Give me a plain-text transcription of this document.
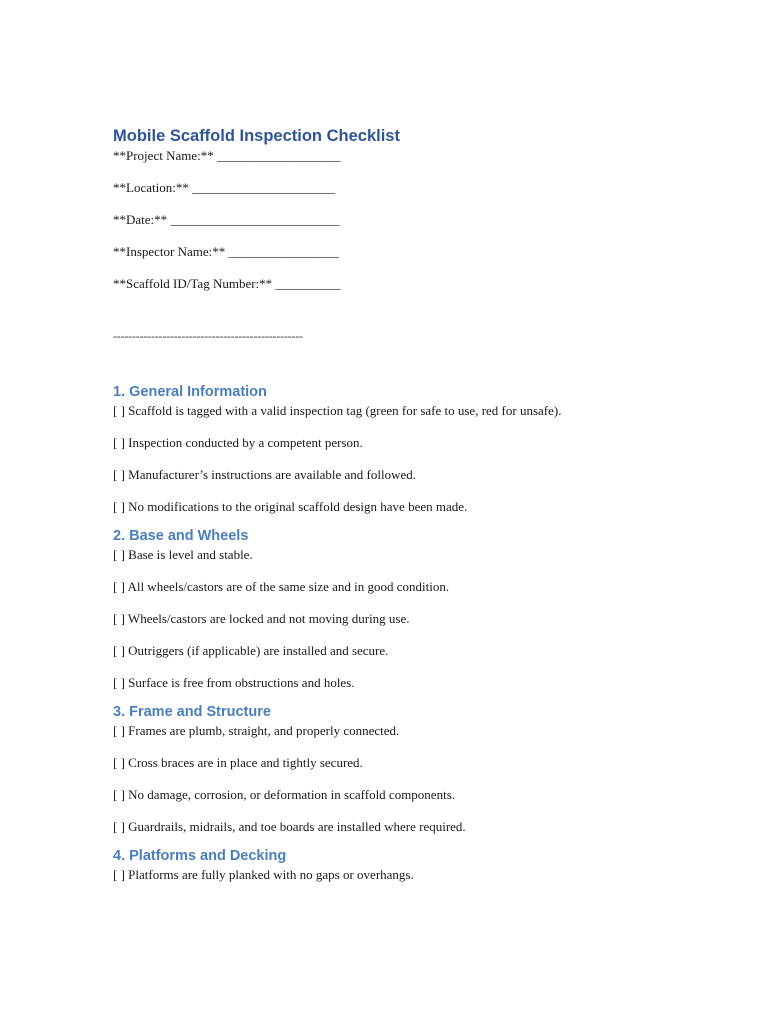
Mobile Scaffold Inspection Checklist

**Project Name:** ___________________

**Location:** ______________________

**Date:** __________________________

**Inspector Name:** _________________

**Scaffold ID/Tag Number:** __________

--------------------------------------------------

1. General Information

[ ] Scaffold is tagged with a valid inspection tag (green for safe to use, red for unsafe).

[ ] Inspection conducted by a competent person.

[ ] Manufacturer’s instructions are available and followed.

[ ] No modifications to the original scaffold design have been made.

2. Base and Wheels

[ ] Base is level and stable.

[ ] All wheels/castors are of the same size and in good condition.

[ ] Wheels/castors are locked and not moving during use.

[ ] Outriggers (if applicable) are installed and secure.

[ ] Surface is free from obstructions and holes.

3. Frame and Structure

[ ] Frames are plumb, straight, and properly connected.

[ ] Cross braces are in place and tightly secured.

[ ] No damage, corrosion, or deformation in scaffold components.

[ ] Guardrails, midrails, and toe boards are installed where required.

4. Platforms and Decking

[ ] Platforms are fully planked with no gaps or overhangs.
